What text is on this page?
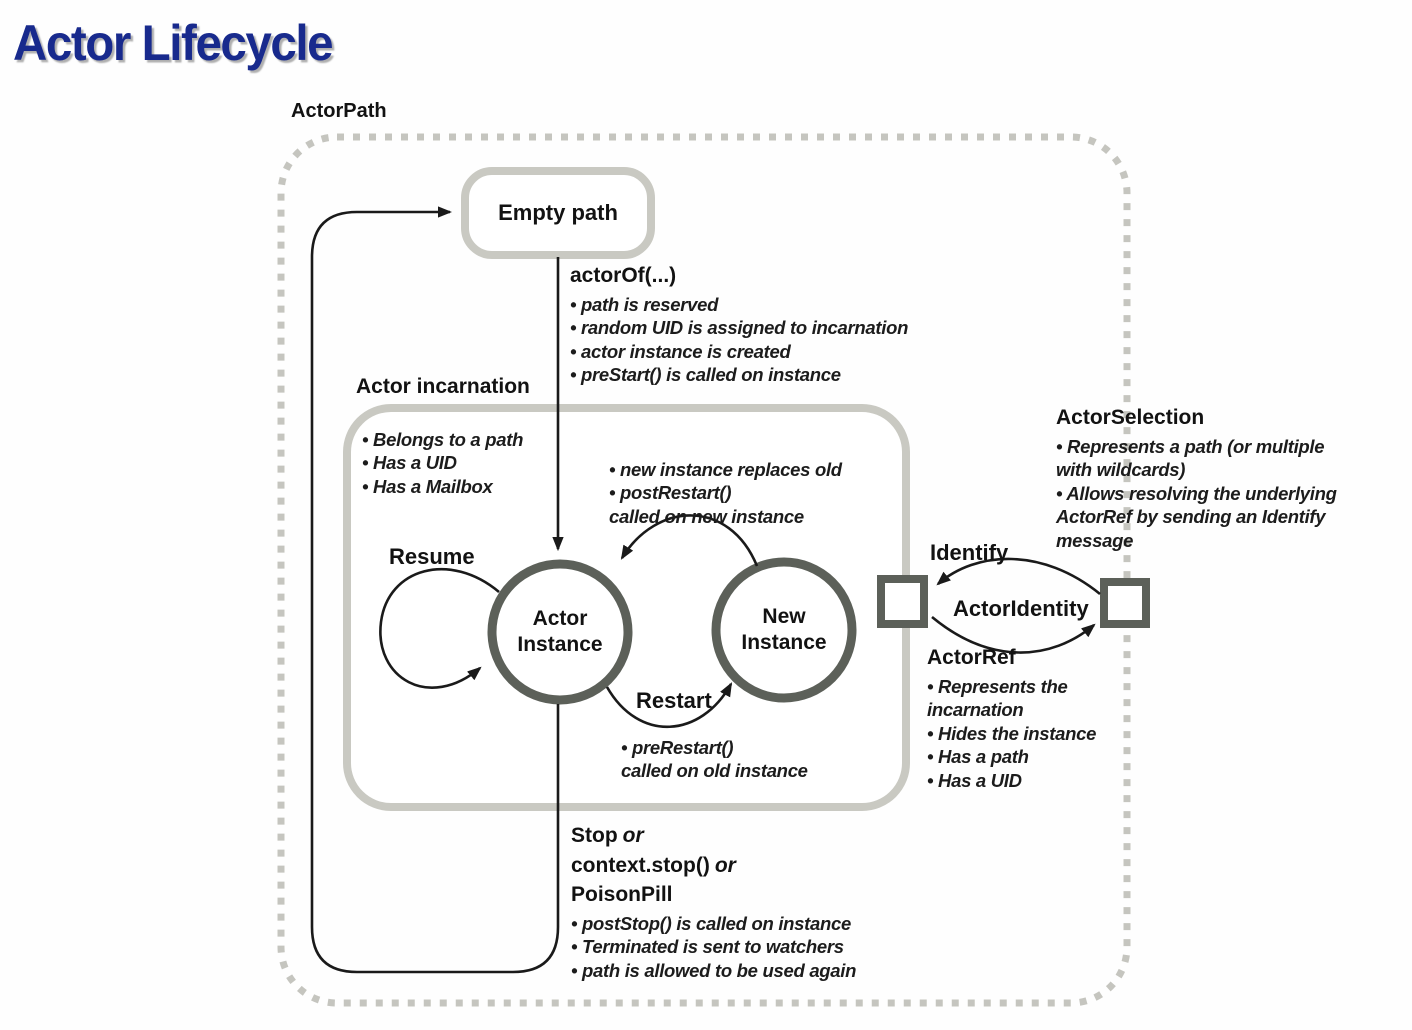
Actor Lifecycle
ActorPath
Empty path
actorOf(...)
• path is reserved
• random UID is assigned to incarnation
• actor instance is created
• preStart() is called on instance
Actor incarnation
• Belongs to a path
• Has a UID
• Has a Mailbox
• new instance replaces old
• postRestart()
called on new instance
Resume
Restart
• preRestart()
called on old instance
Actor
Instance
New
Instance
Stop or
context.stop() or
PoisonPill
• postStop() is called on instance
• Terminated is sent to watchers
• path is allowed to be used again
Identify
ActorIdentity
ActorSelection
• Represents a path (or multiple
with wildcards)
• Allows resolving the underlying
ActorRef by sending an Identify
message
ActorRef
• Represents the
incarnation
• Hides the instance
• Has a path
• Has a UID
